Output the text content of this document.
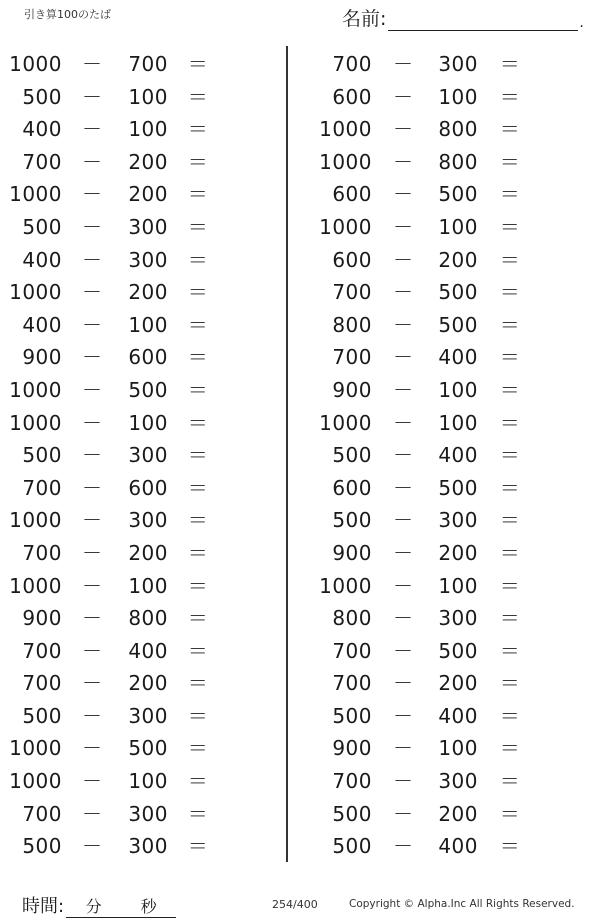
引き算100のたば	名前:	.
1000 －	700 ＝
500 －	100 ＝
400 －	100 ＝
700 －	200 ＝
1000 －	200 ＝
500 －	300 ＝
400 －	300 ＝
1000 －	200 ＝
400 －	100 ＝
900 －	600 ＝
1000 －	500 ＝
1000 －	100 ＝
500 －	300 ＝
700 －	600 ＝
1000 －	300 ＝
700 －	200 ＝
1000 －	100 ＝
900 －	800 ＝
700 －	400 ＝
700 －	200 ＝
500 －	300 ＝
1000 －	500 ＝
1000 －	100 ＝
700 －	300 ＝
500 －	300 ＝
700 －	300 ＝
600 －	100 ＝
1000 －	800 ＝
1000 －	800 ＝
600 －	500 ＝
1000 －	100 ＝
600 －	200 ＝
700 －	500 ＝
800 －	500 ＝
700 －	400 ＝
900 －	100 ＝
1000 －	100 ＝
500 －	400 ＝
600 －	500 ＝
500 －	300 ＝
900 －	200 ＝
1000 －	100 ＝
800 －	300 ＝
700 －	500 ＝
700 －	200 ＝
500 －	400 ＝
900 －	100 ＝
700 －	300 ＝
500 －	200 ＝
500 －	400 ＝
時間: 分 秒	254/400	Copyright © Alpha.Inc All Rights Reserved.
